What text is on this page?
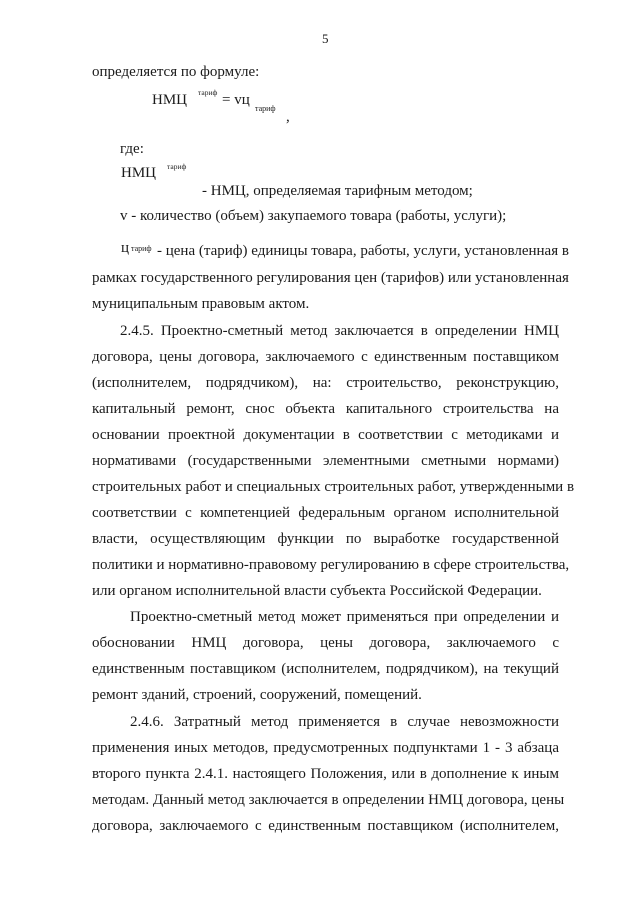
5
определяется по формуле:
НМЦ тариф = vц
тариф
,
где:
НМЦ тариф
- НМЦ, определяемая тарифным методом;
v - количество (объем) закупаемого товара (работы, услуги);
ц тариф - цена (тариф) единицы товара, работы, услуги, установленная в
рамках государственного регулирования цен (тарифов) или установленная
муниципальным правовым актом.
2.4.5. Проектно-сметный метод заключается в определении НМЦ
договора, цены договора, заключаемого с единственным поставщиком
(исполнителем, подрядчиком), на: строительство, реконструкцию,
капитальный ремонт, снос объекта капитального строительства на
основании проектной документации в соответствии с методиками и
нормативами (государственными элементными сметными нормами)
строительных работ и специальных строительных работ, утвержденными в
соответствии с компетенцией федеральным органом исполнительной
власти, осуществляющим функции по выработке государственной
политики и нормативно-правовому регулированию в сфере строительства,
или органом исполнительной власти субъекта Российской Федерации.
Проектно-сметный метод может применяться при определении и
обосновании НМЦ договора, цены договора, заключаемого с
единственным поставщиком (исполнителем, подрядчиком), на текущий
ремонт зданий, строений, сооружений, помещений.
2.4.6. Затратный метод применяется в случае невозможности
применения иных методов, предусмотренных подпунктами 1 - 3 абзаца
второго пункта 2.4.1. настоящего Положения, или в дополнение к иным
методам. Данный метод заключается в определении НМЦ договора, цены
договора, заключаемого с единственным поставщиком (исполнителем,
